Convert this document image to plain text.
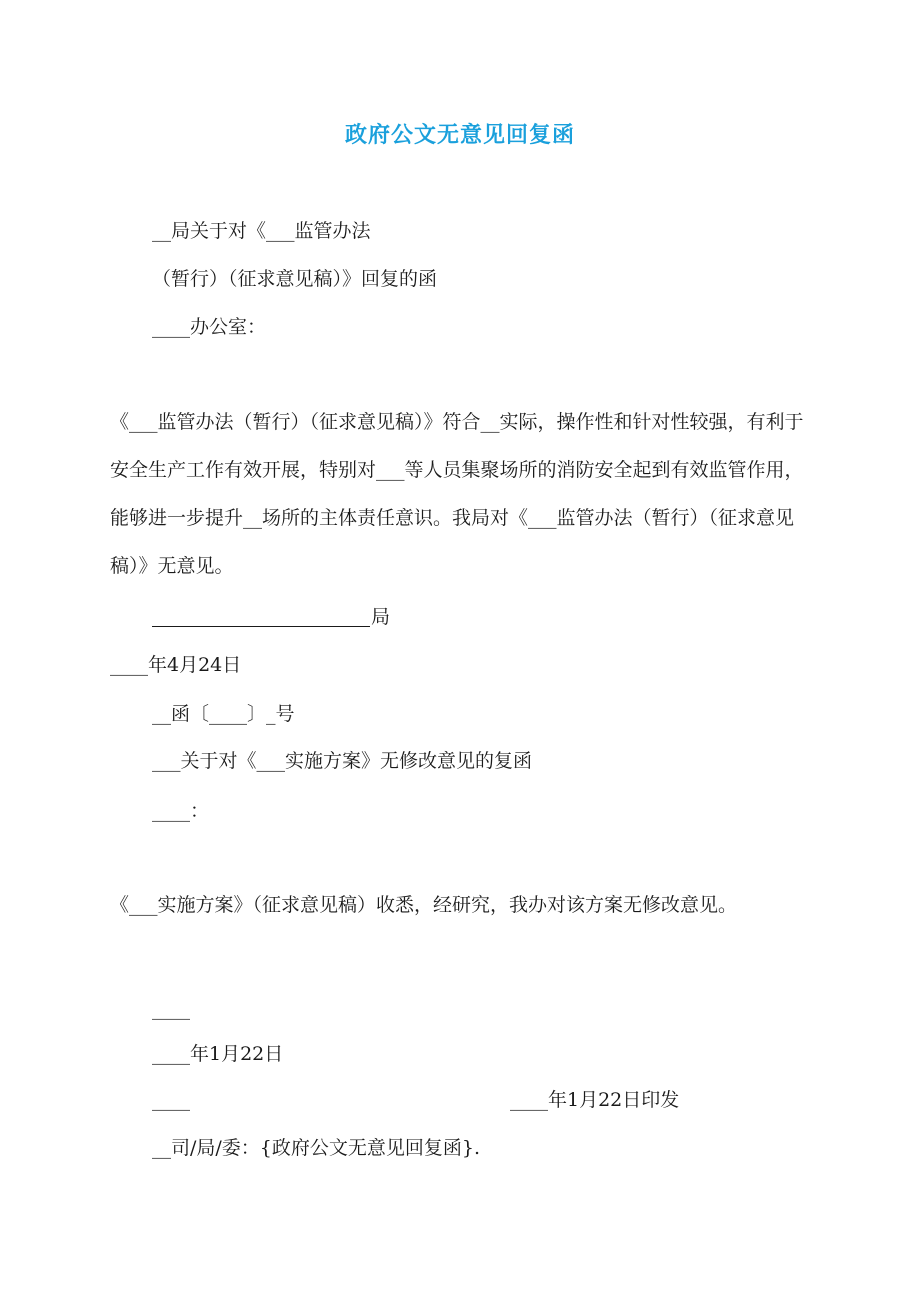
政府公文无意见回复函
__局关于对《___监管办法
（暂行）（征求意见稿）》回复的函
____办公室：
《___监管办法（暂行）（征求意见稿）》符合__实际，操作性和针对性较强，有利于安全生产工作有效开展，特别对___等人员集聚场所的消防安全起到有效监管作用，能够进一步提升__场所的主体责任意识。我局对《___监管办法（暂行）（征求意见稿）》无意见。
局
____年4月24日
__函〔____〕_号
___关于对《___实施方案》无修改意见的复函
____：
《___实施方案》（征求意见稿）收悉，经研究，我办对该方案无修改意见。
____
____年1月22日
____	____年1月22日印发
__司/局/委：{政府公文无意见回复函}.
